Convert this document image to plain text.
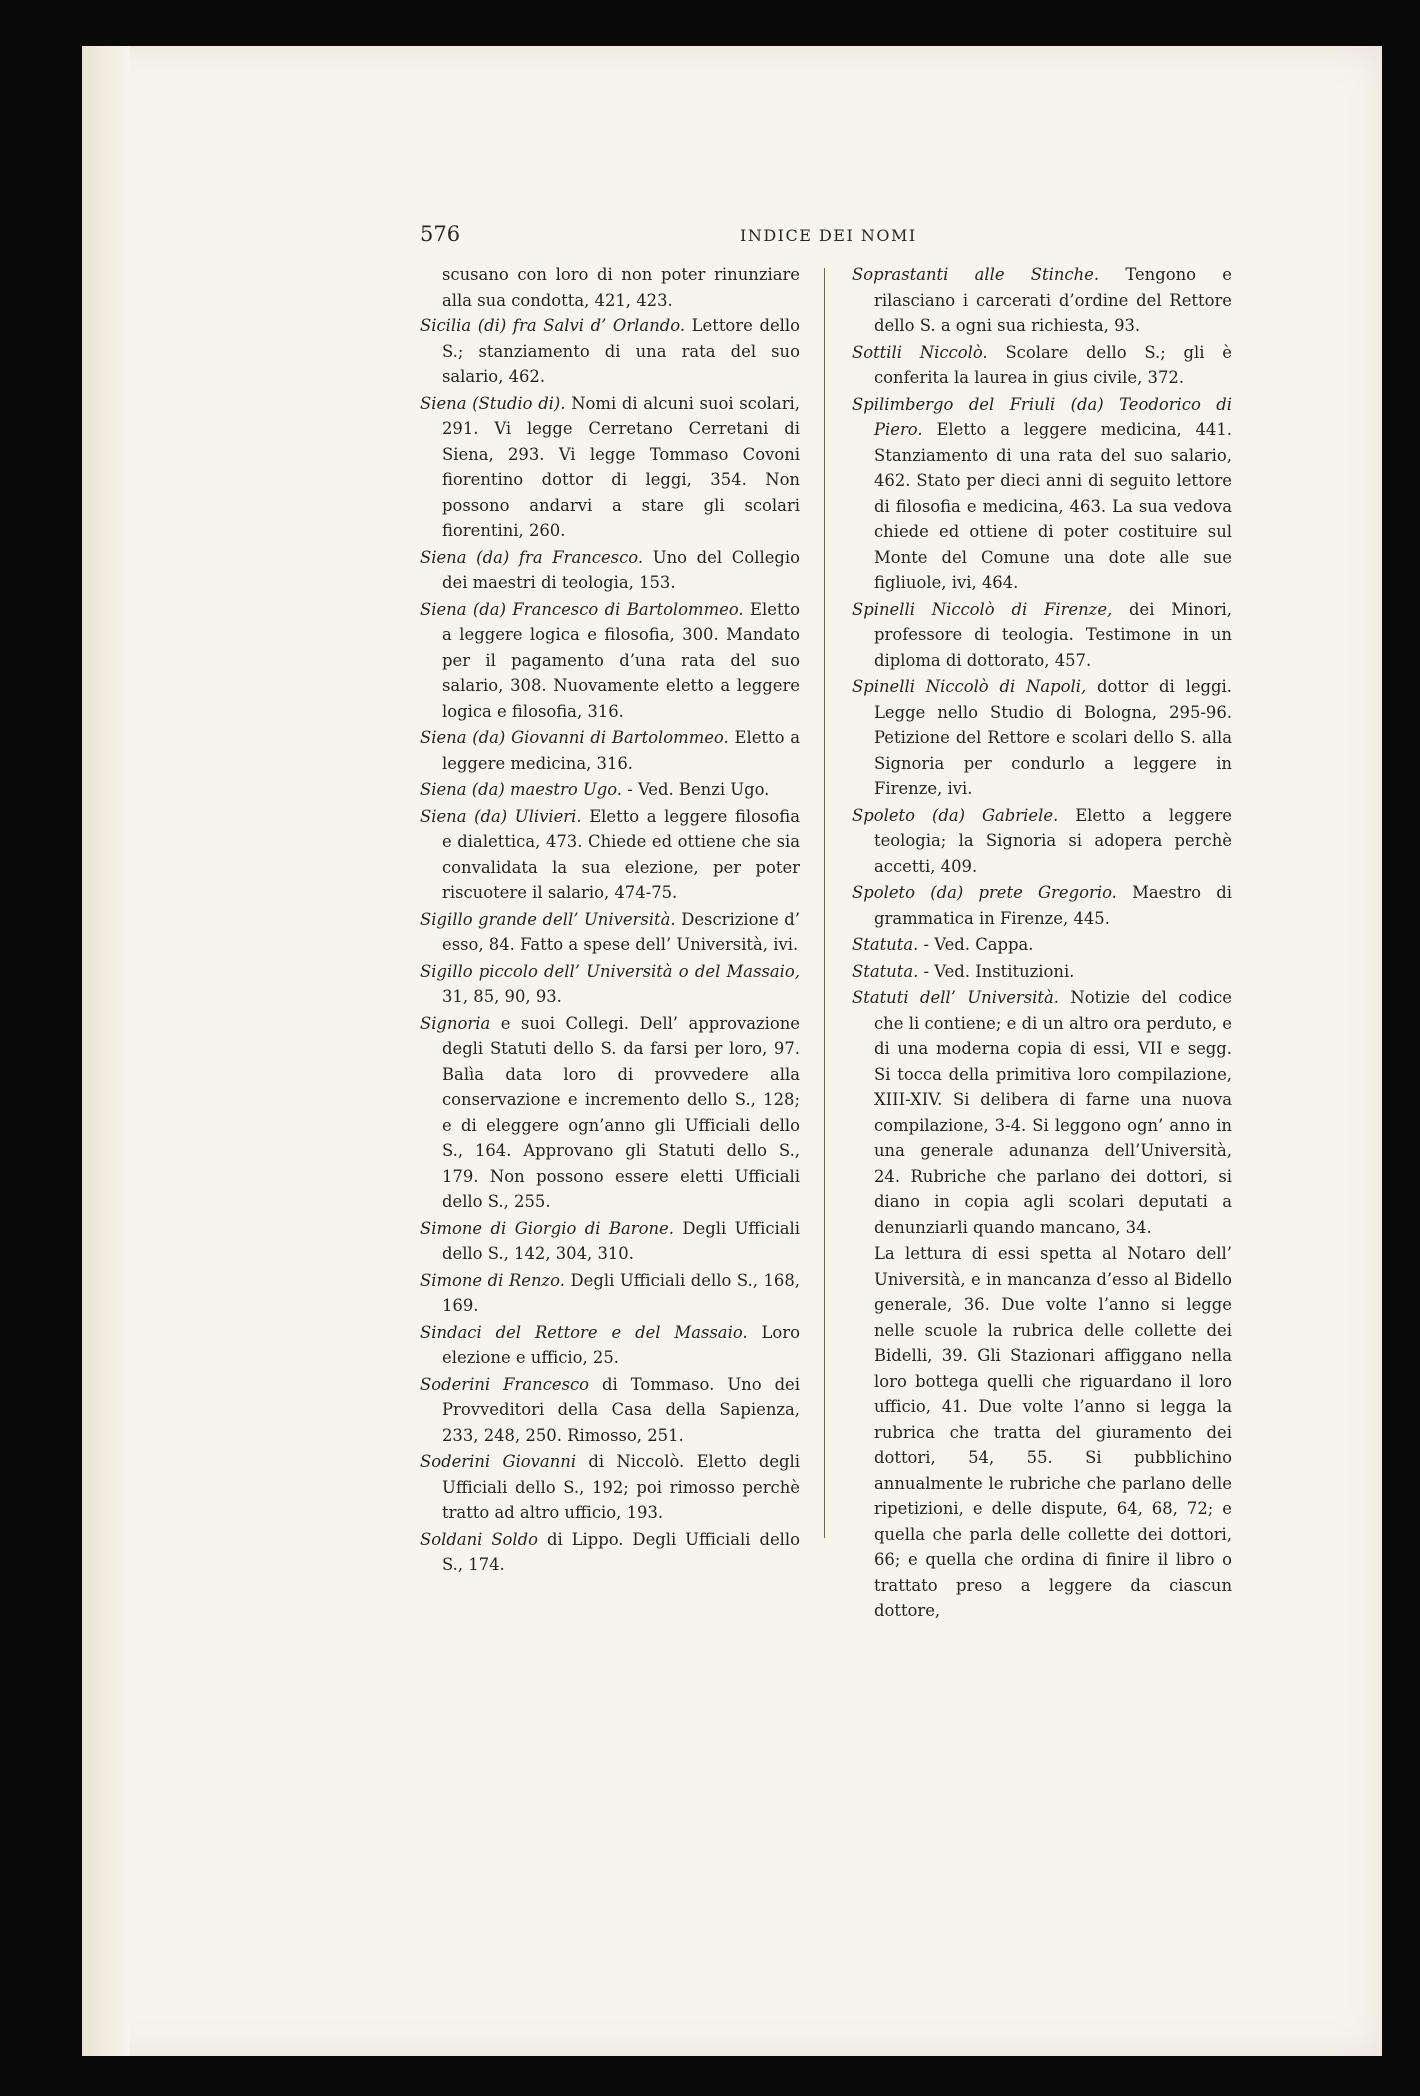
576	INDICE DEI NOMI

scusano con loro di non poter rinunziare alla sua condotta, 421, 423.

Sicilia (di) fra Salvi d’ Orlando. Lettore dello S.; stanziamento di una rata del suo salario, 462.

Siena (Studio di). Nomi di alcuni suoi scolari, 291. Vi legge Cerretano Cerretani di Siena, 293. Vi legge Tommaso Covoni fiorentino dottor di leggi, 354. Non possono andarvi a stare gli scolari fiorentini, 260.

Siena (da) fra Francesco. Uno del Collegio dei maestri di teologia, 153.

Siena (da) Francesco di Bartolommeo. Eletto a leggere logica e filosofia, 300. Mandato per il pagamento d’una rata del suo salario, 308. Nuovamente eletto a leggere logica e filosofia, 316.

Siena (da) Giovanni di Bartolommeo. Eletto a leggere medicina, 316.

Siena (da) maestro Ugo. - Ved. Benzi Ugo.

Siena (da) Ulivieri. Eletto a leggere filosofia e dialettica, 473. Chiede ed ottiene che sia convalidata la sua elezione, per poter riscuotere il salario, 474-75.

Sigillo grande dell’ Università. Descrizione d’ esso, 84. Fatto a spese dell’ Università, ivi.

Sigillo piccolo dell’ Università o del Massaio, 31, 85, 90, 93.

Signoria e suoi Collegi. Dell’ approvazione degli Statuti dello S. da farsi per loro, 97. Balìa data loro di provvedere alla conservazione e incremento dello S., 128; e di eleggere ogn’anno gli Ufficiali dello S., 164. Approvano gli Statuti dello S., 179. Non possono essere eletti Ufficiali dello S., 255.

Simone di Giorgio di Barone. Degli Ufficiali dello S., 142, 304, 310.

Simone di Renzo. Degli Ufficiali dello S., 168, 169.

Sindaci del Rettore e del Massaio. Loro elezione e ufficio, 25.

Soderini Francesco di Tommaso. Uno dei Provveditori della Casa della Sapienza, 233, 248, 250. Rimosso, 251.

Soderini Giovanni di Niccolò. Eletto degli Ufficiali dello S., 192; poi rimosso perchè tratto ad altro ufficio, 193.

Soldani Soldo di Lippo. Degli Ufficiali dello S., 174.

Soprastanti alle Stinche. Tengono e rilasciano i carcerati d’ordine del Rettore dello S. a ogni sua richiesta, 93.

Sottili Niccolò. Scolare dello S.; gli è conferita la laurea in gius civile, 372.

Spilimbergo del Friuli (da) Teodorico di Piero. Eletto a leggere medicina, 441. Stanziamento di una rata del suo salario, 462. Stato per dieci anni di seguito lettore di filosofia e medicina, 463. La sua vedova chiede ed ottiene di poter costituire sul Monte del Comune una dote alle sue figliuole, ivi, 464.

Spinelli Niccolò di Firenze, dei Minori, professore di teologia. Testimone in un diploma di dottorato, 457.

Spinelli Niccolò di Napoli, dottor di leggi. Legge nello Studio di Bologna, 295-96. Petizione del Rettore e scolari dello S. alla Signoria per condurlo a leggere in Firenze, ivi.

Spoleto (da) Gabriele. Eletto a leggere teologia; la Signoria si adopera perchè accetti, 409.

Spoleto (da) prete Gregorio. Maestro di grammatica in Firenze, 445.

Statuta. - Ved. Cappa.

Statuta. - Ved. Instituzioni.

Statuti dell’ Università. Notizie del codice che li contiene; e di un altro ora perduto, e di una moderna copia di essi, VII e segg. Si tocca della primitiva loro compilazione, XIII-XIV. Si delibera di farne una nuova compilazione, 3-4. Si leggono ogn’ anno in una generale adunanza dell’Università, 24. Rubriche che parlano dei dottori, si diano in copia agli scolari deputati a denunziarli quando mancano, 34.

La lettura di essi spetta al Notaro dell’ Università, e in mancanza d’esso al Bidello generale, 36. Due volte l’anno si legge nelle scuole la rubrica delle collette dei Bidelli, 39. Gli Stazionari affiggano nella loro bottega quelli che riguardano il loro ufficio, 41. Due volte l’anno si legga la rubrica che tratta del giuramento dei dottori, 54, 55. Si pubblichino annualmente le rubriche che parlano delle ripetizioni, e delle dispute, 64, 68, 72; e quella che parla delle collette dei dottori, 66; e quella che ordina di finire il libro o trattato preso a leggere da ciascun dottore,
